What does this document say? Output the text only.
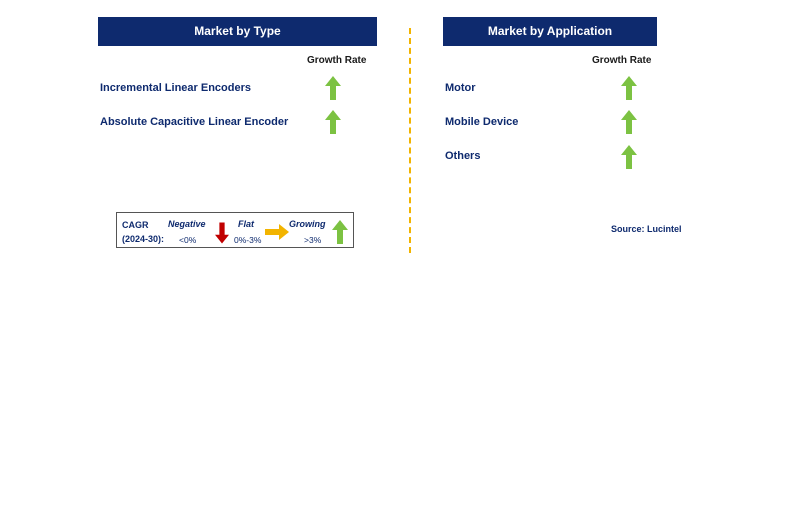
Market by Type
Growth Rate
Incremental Linear Encoders
Absolute Capacitive Linear Encoder
Market by Application
Growth Rate
Motor
Mobile Device
Others
CAGR
(2024-30):
Negative
<0%
Flat
0%-3%
Growing
>3%
Source: Lucintel
